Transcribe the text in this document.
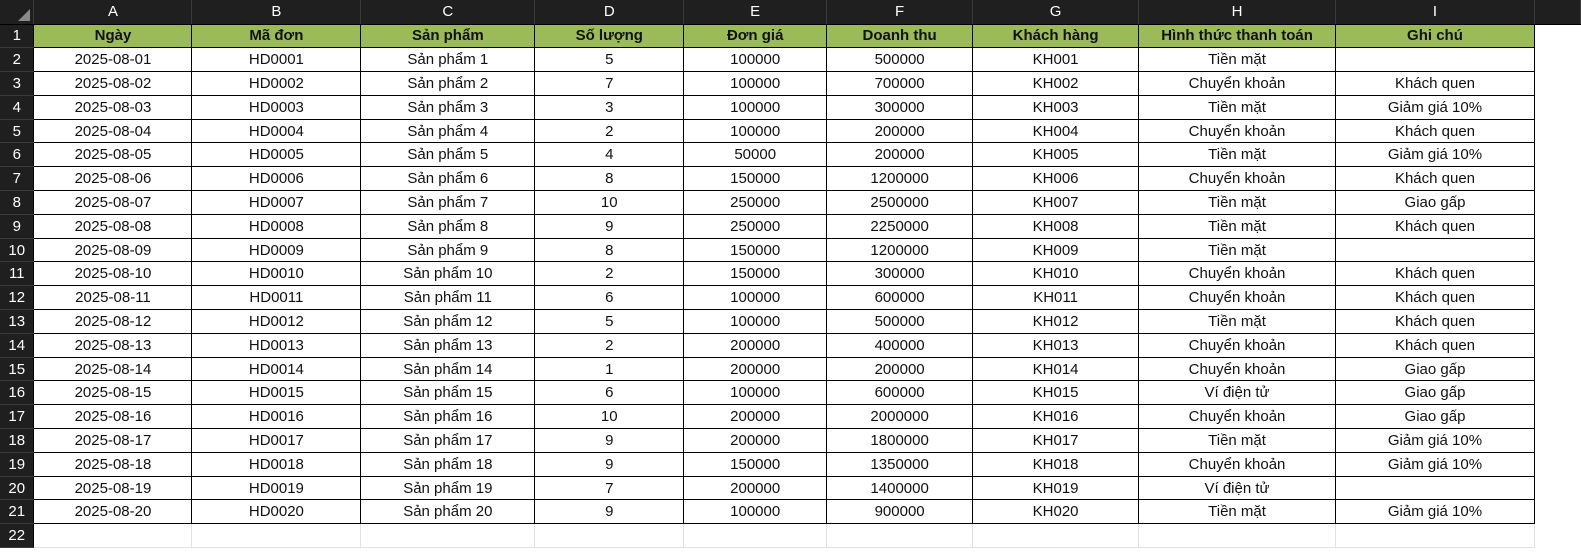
	A	B	C	D	E	F	G	H	I	
1	Ngày	Mã đơn	Sản phẩm	Số lượng	Đơn giá	Doanh thu	Khách hàng	Hình thức thanh toán	Ghi chú	
2	2025-08-01	HD0001	Sản phẩm 1	5	100000	500000	KH001	Tiền mặt		
3	2025-08-02	HD0002	Sản phẩm 2	7	100000	700000	KH002	Chuyển khoản	Khách quen	
4	2025-08-03	HD0003	Sản phẩm 3	3	100000	300000	KH003	Tiền mặt	Giảm giá 10%	
5	2025-08-04	HD0004	Sản phẩm 4	2	100000	200000	KH004	Chuyển khoản	Khách quen	
6	2025-08-05	HD0005	Sản phẩm 5	4	50000	200000	KH005	Tiền mặt	Giảm giá 10%	
7	2025-08-06	HD0006	Sản phẩm 6	8	150000	1200000	KH006	Chuyển khoản	Khách quen	
8	2025-08-07	HD0007	Sản phẩm 7	10	250000	2500000	KH007	Tiền mặt	Giao gấp	
9	2025-08-08	HD0008	Sản phẩm 8	9	250000	2250000	KH008	Tiền mặt	Khách quen	
10	2025-08-09	HD0009	Sản phẩm 9	8	150000	1200000	KH009	Tiền mặt		
11	2025-08-10	HD0010	Sản phẩm 10	2	150000	300000	KH010	Chuyển khoản	Khách quen	
12	2025-08-11	HD0011	Sản phẩm 11	6	100000	600000	KH011	Chuyển khoản	Khách quen	
13	2025-08-12	HD0012	Sản phẩm 12	5	100000	500000	KH012	Tiền mặt	Khách quen	
14	2025-08-13	HD0013	Sản phẩm 13	2	200000	400000	KH013	Chuyển khoản	Khách quen	
15	2025-08-14	HD0014	Sản phẩm 14	1	200000	200000	KH014	Chuyển khoản	Giao gấp	
16	2025-08-15	HD0015	Sản phẩm 15	6	100000	600000	KH015	Ví điện tử	Giao gấp	
17	2025-08-16	HD0016	Sản phẩm 16	10	200000	2000000	KH016	Chuyển khoản	Giao gấp	
18	2025-08-17	HD0017	Sản phẩm 17	9	200000	1800000	KH017	Tiền mặt	Giảm giá 10%	
19	2025-08-18	HD0018	Sản phẩm 18	9	150000	1350000	KH018	Chuyển khoản	Giảm giá 10%	
20	2025-08-19	HD0019	Sản phẩm 19	7	200000	1400000	KH019	Ví điện tử		
21	2025-08-20	HD0020	Sản phẩm 20	9	100000	900000	KH020	Tiền mặt	Giảm giá 10%	
22										
